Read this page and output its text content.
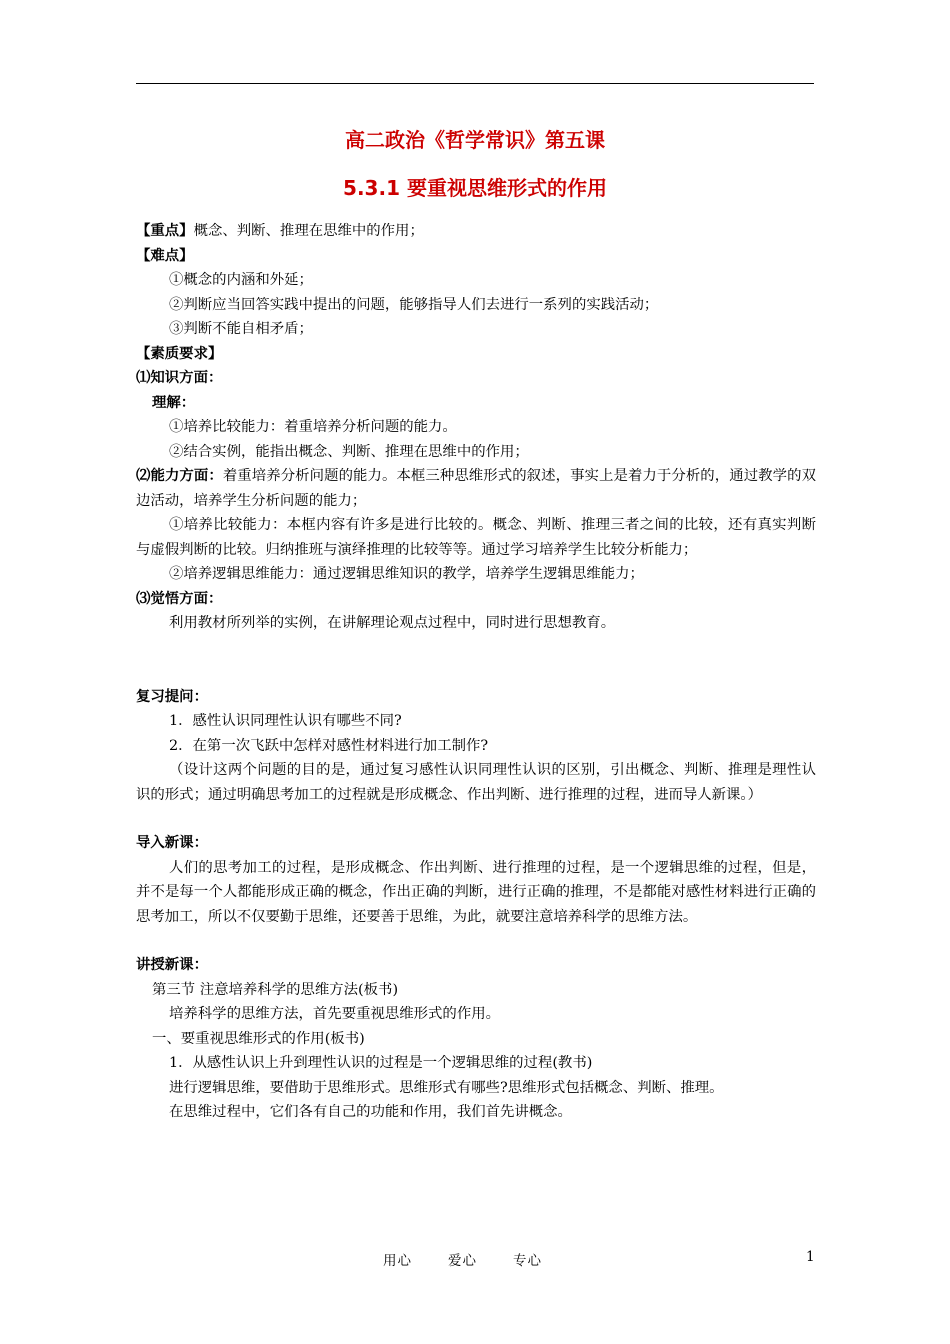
高二政治《哲学常识》第五课
5.3.1 要重视思维形式的作用

【重点】概念、判断、推理在思维中的作用；

【难点】

①概念的内涵和外延；

②判断应当回答实践中提出的问题，能够指导人们去进行一系列的实践活动；

③判断不能自相矛盾；

【素质要求】

⑴知识方面：

理解：

①培养比较能力：着重培养分析问题的能力。

②结合实例，能指出概念、判断、推理在思维中的作用；

⑵能力方面：着重培养分析问题的能力。本框三种思维形式的叙述，事实上是着力于分析的，通过教学的双边活动，培养学生分析问题的能力；

①培养比较能力：本框内容有许多是进行比较的。概念、判断、推理三者之间的比较，还有真实判断与虚假判断的比较。归纳推班与演绎推理的比较等等。通过学习培养学生比较分析能力；

②培养逻辑思维能力：通过逻辑思维知识的教学，培养学生逻辑思维能力；

⑶觉悟方面：

利用教材所列举的实例，在讲解理论观点过程中，同时进行思想教育。

复习提问：

1．感性认识同理性认识有哪些不同?

2．在第一次飞跃中怎样对感性材料进行加工制作?

（设计这两个问题的目的是，通过复习感性认识同理性认识的区别，引出概念、判断、推理是理性认识的形式；通过明确思考加工的过程就是形成概念、作出判断、进行推理的过程，进而导人新课。）

导入新课：

人们的思考加工的过程，是形成概念、作出判断、进行推理的过程，是一个逻辑思维的过程，但是，并不是每一个人都能形成正确的概念，作出正确的判断，进行正确的推理，不是都能对感性材料进行正确的思考加工，所以不仅要勤于思维，还要善于思维，为此，就要注意培养科学的思维方法。

讲授新课：

第三节 注意培养科学的思维方法(板书)

培养科学的思维方法，首先要重视思维形式的作用。

一、要重视思维形式的作用(板书)

1．从感性认识上升到理性认识的过程是一个逻辑思维的过程(教书)

进行逻辑思维，要借助于思维形式。思维形式有哪些?思维形式包括概念、判断、推理。

在思维过程中，它们各有自己的功能和作用，我们首先讲概念。

用心	爱心	专心	1
